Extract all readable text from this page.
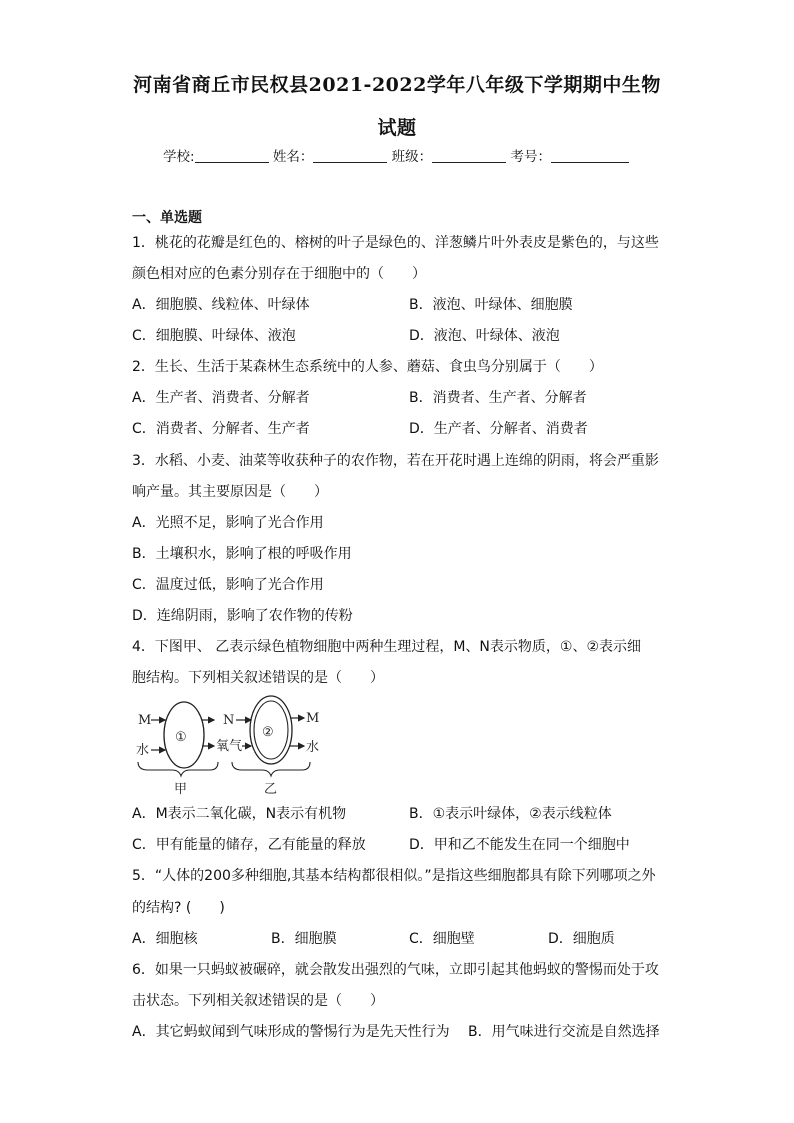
河南省商丘市民权县2021-2022学年八年级下学期期中生物
试题
学校:	姓名：	班级：	考号：
一、单选题
1．桃花的花瓣是红色的、榕树的叶子是绿色的、洋葱鳞片叶外表皮是紫色的，与这些
颜色相对应的色素分别存在于细胞中的（　　）
A．细胞膜、线粒体、叶绿体	B．液泡、叶绿体、细胞膜
C．细胞膜、叶绿体、液泡	D．液泡、叶绿体、液泡
2．生长、生活于某森林生态系统中的人参、蘑菇、食虫鸟分别属于（　　）
A．生产者、消费者、分解者	B．消费者、生产者、分解者
C．消费者、分解者、生产者	D．生产者、分解者、消费者
3．水稻、小麦、油菜等收获种子的农作物，若在开花时遇上连绵的阴雨，将会严重影
响产量。其主要原因是（　　）
A．光照不足，影响了光合作用
B．土壤积水，影响了根的呼吸作用
C．温度过低，影响了光合作用
D．连绵阴雨，影响了农作物的传粉
4．下图甲、 乙表示绿色植物细胞中两种生理过程，M、N表示物质，①、②表示细
胞结构。下列相关叙述错误的是（　　）
M
水
①
N
氧气
②
M
水
甲	乙
A．M表示二氧化碳，N表示有机物	B．①表示叶绿体，②表示线粒体
C．甲有能量的储存，乙有能量的释放	D．甲和乙不能发生在同一个细胞中
5．“人体的200多种细胞,其基本结构都很相似。”是指这些细胞都具有除下列哪项之外
的结构? (　　)
A．细胞核	B．细胞膜	C．细胞壁	D．细胞质
6．如果一只蚂蚁被碾碎，就会散发出强烈的气味，立即引起其他蚂蚁的警惕而处于攻
击状态。下列相关叙述错误的是（　　）
A．其它蚂蚁闻到气味形成的警惕行为是先天性行为　 B．用气味进行交流是自然选择
